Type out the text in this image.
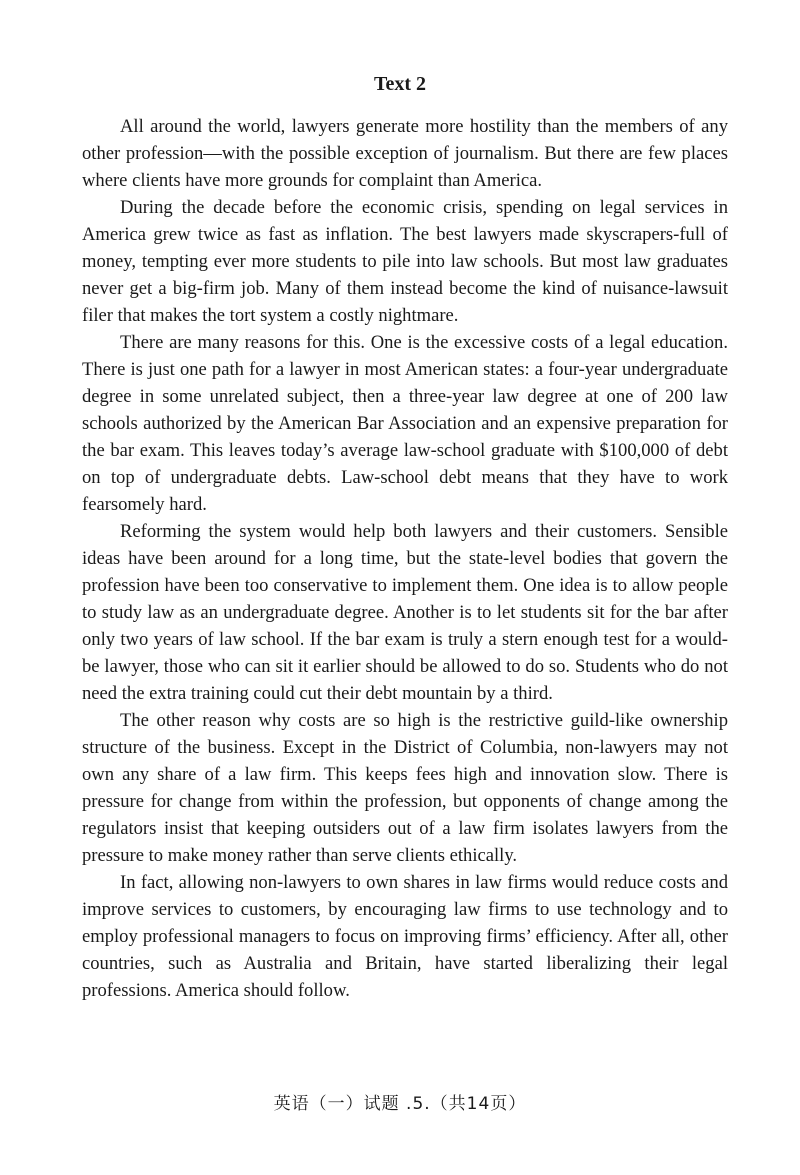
Text 2

All around the world, lawyers generate more hostility than the members of any other profession—with the possible exception of journalism. But there are few places where clients have more grounds for complaint than America.

During the decade before the economic crisis, spending on legal services in America grew twice as fast as inflation. The best lawyers made skyscrapers-full of money, tempting ever more students to pile into law schools. But most law graduates never get a big-firm job. Many of them instead become the kind of nuisance-lawsuit filer that makes the tort system a costly nightmare.

There are many reasons for this. One is the excessive costs of a legal education. There is just one path for a lawyer in most American states: a four-year undergraduate degree in some unrelated subject, then a three-year law degree at one of 200 law schools authorized by the American Bar Association and an expensive preparation for the bar exam. This leaves today’s average law-school graduate with $100,000 of debt on top of undergraduate debts. Law-school debt means that they have to work fearsomely hard.

Reforming the system would help both lawyers and their customers. Sensible ideas have been around for a long time, but the state-level bodies that govern the profession have been too conservative to implement them. One idea is to allow people to study law as an undergraduate degree. Another is to let students sit for the bar after only two years of law school. If the bar exam is truly a stern enough test for a would-be lawyer, those who can sit it earlier should be allowed to do so. Students who do not need the extra training could cut their debt mountain by a third.

The other reason why costs are so high is the restrictive guild-like ownership structure of the business. Except in the District of Columbia, non-lawyers may not own any share of a law firm. This keeps fees high and innovation slow. There is pressure for change from within the profession, but opponents of change among the regulators insist that keeping outsiders out of a law firm isolates lawyers from the pressure to make money rather than serve clients ethically.

In fact, allowing non-lawyers to own shares in law firms would reduce costs and improve services to customers, by encouraging law firms to use technology and to employ professional managers to focus on improving firms’ efficiency. After all, other countries, such as Australia and Britain, have started liberalizing their legal professions. America should follow.

英语（一）试题 .5.（共14页）
